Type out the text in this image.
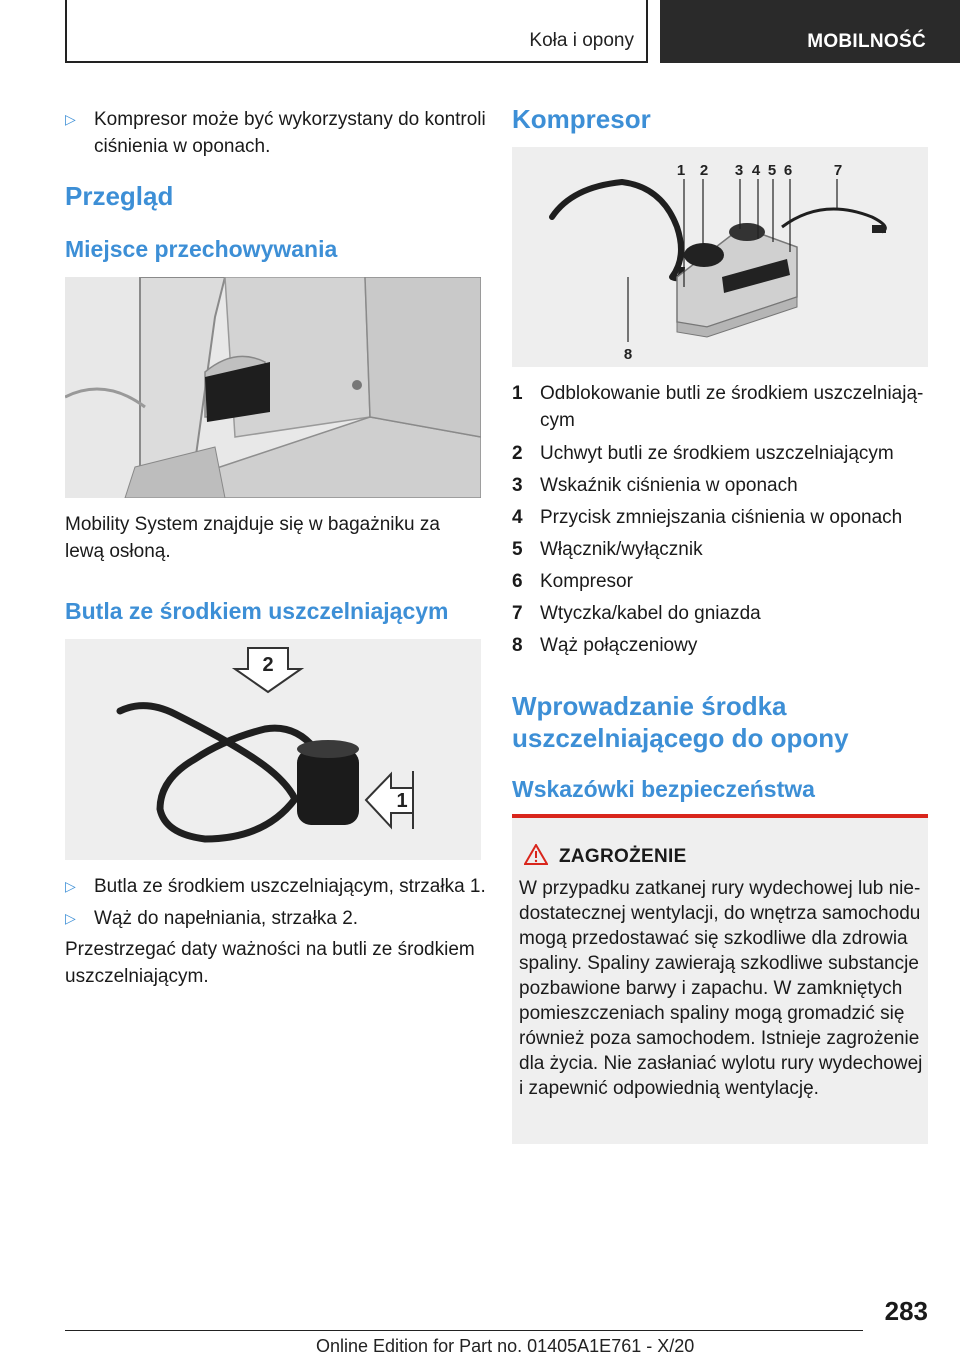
Koła i opony	MOBILNOŚĆ
▷ Kompresor może być wykorzystany do kontroli ciśnienia w oponach.
Przegląd
Miejsce przechowywania
Mobility System znajduje się w bagażniku za lewą osłoną.
Butla ze środkiem uszczelniającym
2
1
▷ Butla ze środkiem uszczelniającym, strzałka 1.
▷ Wąż do napełniania, strzałka 2.
Przestrzegać daty ważności na butli ze środkiem uszczelniającym.
Kompresor
1 2 3 4 5 6	7
8
1 Odblokowanie butli ze środkiem uszczelniającym
2 Uchwyt butli ze środkiem uszczelniającym
3 Wskaźnik ciśnienia w oponach
4 Przycisk zmniejszania ciśnienia w oponach
5 Włącznik/wyłącznik
6 Kompresor
7 Wtyczka/kabel do gniazda
8 Wąż połączeniowy
Wprowadzanie środka uszczelniającego do opony
Wskazówki bezpieczeństwa
ZAGROŻENIE
W przypadku zatkanej rury wydechowej lub niedostatecznej wentylacji, do wnętrza samochodu mogą przedostawać się szkodliwe dla zdrowia spaliny. Spaliny zawierają szkodliwe substancje pozbawione barwy i zapachu. W zamkniętych pomieszczeniach spaliny mogą gromadzić się również poza samochodem. Istnieje zagrożenie dla życia. Nie zasłaniać wylotu rury wydechowej i zapewnić odpowiednią wentylację.
283
Online Edition for Part no. 01405A1E761 - X/20
